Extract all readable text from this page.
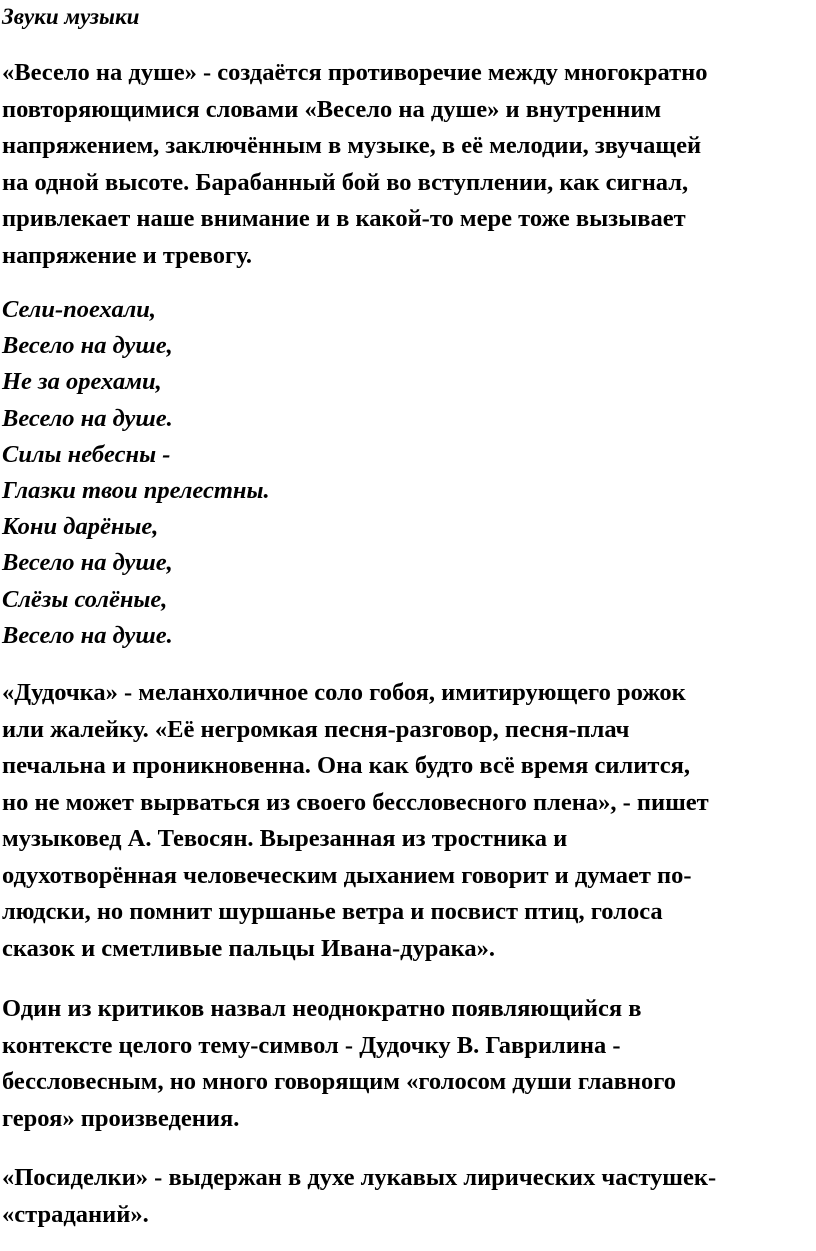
Звуки музыки

«Весело на душе» - создаётся противоречие между многократно
повторяющимися словами «Весело на душе» и внутренним
напряжением, заключённым в музыке, в её мелодии, звучащей
на одной высоте. Барабанный бой во вступлении, как сигнал,
привлекает наше внимание и в какой-то мере тоже вызывает
напряжение и тревогу.

Сели-поехали,
Весело на душе,
Не за орехами,
Весело на душе.
Силы небесны -
Глазки твои прелестны.
Кони дарёные,
Весело на душе,
Слёзы солёные,
Весело на душе.

«Дудочка» - меланхоличное соло гобоя, имитирующего рожок
или жалейку. «Её негромкая песня-разговор, песня-плач
печальна и проникновенна. Она как будто всё время силится,
но не может вырваться из своего бессловесного плена», - пишет
музыковед А. Тевосян. Вырезанная из тростника и
одухотворённая человеческим дыханием говорит и думает по-
людски, но помнит шуршанье ветра и посвист птиц, голоса
сказок и сметливые пальцы Ивана-дурака».

Один из критиков назвал неоднократно появляющийся в
контексте целого тему-символ - Дудочку В. Гаврилина -
бессловесным, но много говорящим «голосом души главного
героя» произведения.

«Посиделки» - выдержан в духе лукавых лирических частушек-
«страданий».
